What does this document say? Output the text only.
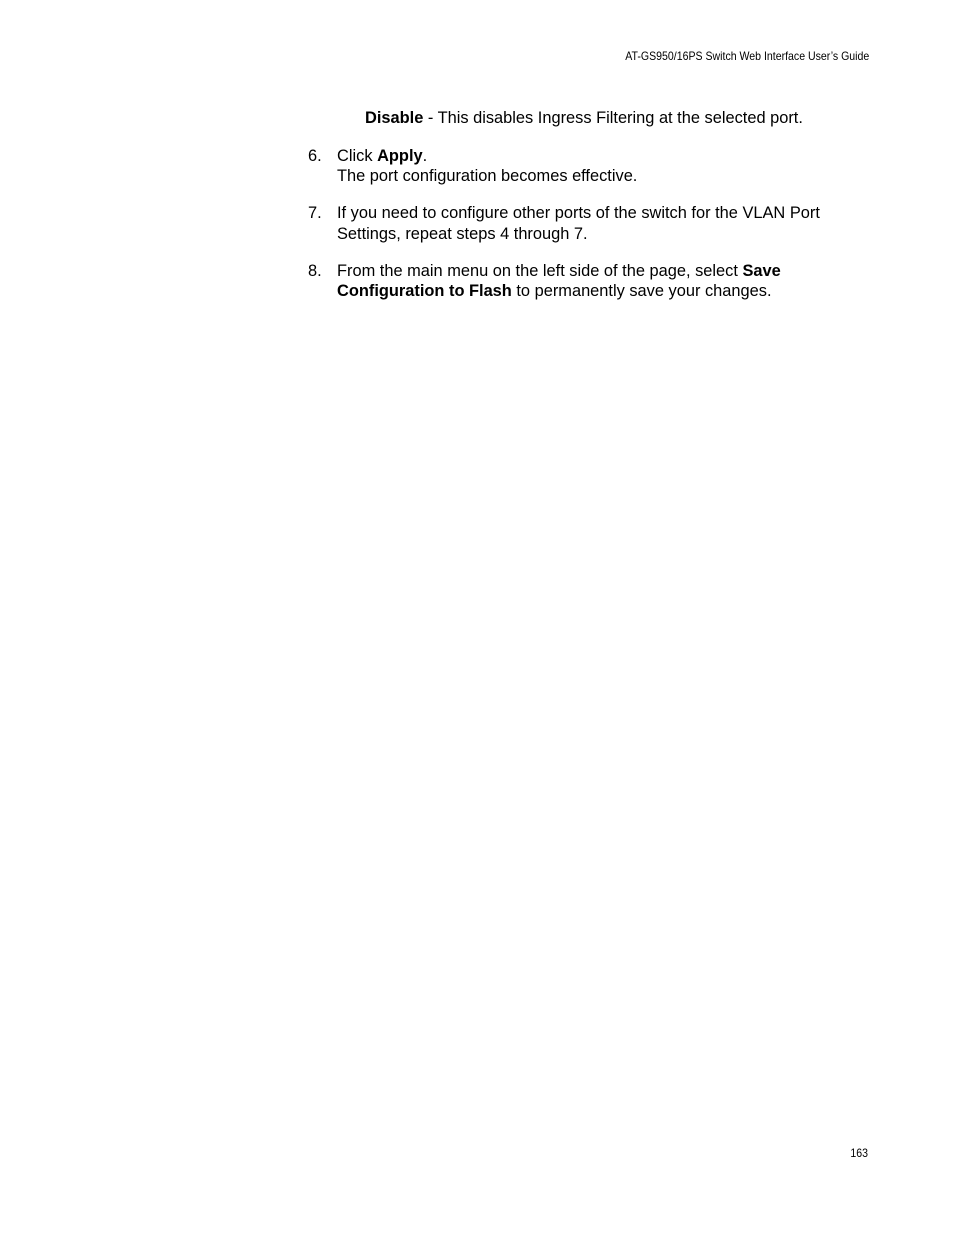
AT-GS950/16PS Switch Web Interface User’s Guide
Disable - This disables Ingress Filtering at the selected port.
6. Click Apply.
The port configuration becomes effective.
7. If you need to configure other ports of the switch for the VLAN Port
Settings, repeat steps 4 through 7.
8. From the main menu on the left side of the page, select Save
Configuration to Flash to permanently save your changes.
163
